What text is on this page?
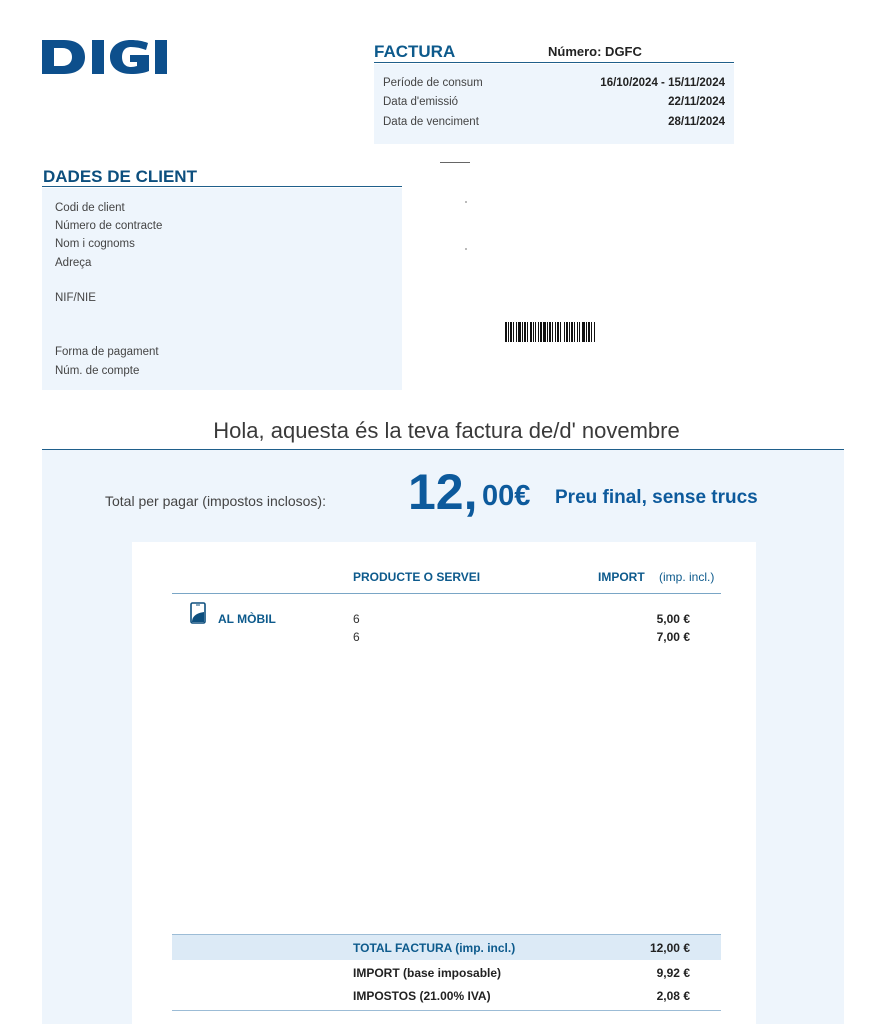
FACTURA	Número: DGFC
Període de consum	16/10/2024 - 15/11/2024
Data d'emissió	22/11/2024
Data de venciment	28/11/2024
DADES DE CLIENT
Codi de client
Número de contracte
Nom i cognoms
Adreça
NIF/NIE
Forma de pagament
Núm. de compte
Hola, aquesta és la teva factura de/d' novembre
Total per pagar (impostos inclosos): 12, 00€ Preu final, sense trucs
PRODUCTE O SERVEI	IMPORT (imp. incl.)
AL MÒBIL	6	5,00 €
6	7,00 €
TOTAL FACTURA (imp. incl.)	12,00 €
IMPORT (base imposable)	9,92 €
IMPOSTOS (21.00% IVA)	2,08 €
